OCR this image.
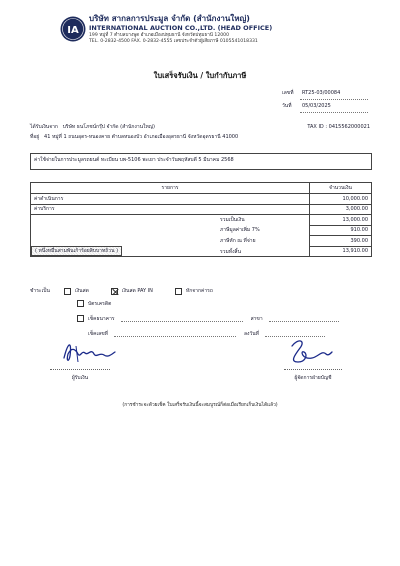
IA
บริษัท สากลการประมูล จำกัด (สำนักงานใหญ่)
INTERNATIONAL AUCTION CO.,LTD. (HEAD OFFICE)
199 หมู่ที่ 7 ตำบลบางพูด อำเภอเมืองปทุมธานี จังหวัดปทุมธานี 12000
TEL. 0-2832-4500 FAX. 0-2832-4555 เลขประจำตัวผู้เสียภาษี 0105541018331
ใบเสร็จรับเงิน / ใบกำกับภาษี
เลขที่	RT25-03/00084
วันที่	05/03/2025
ได้รับเงินจาก บริษัท ธนโภชน์กรุ๊ป จำกัด (สำนักงานใหญ่)	TAX ID : 0415562000021
ที่อยู่ 41 หมู่ที่ 1 ถนนอุดร-หนองคาย ตำบลหนองบัว อำเภอเมืองอุดรธานี จังหวัดอุดรธานี 41000
ค่าใช้จ่ายในการประมูลรถยนต์ ทะเบียน บพ-5106 พะเยา ประจำวันพฤหัสบดี 5 มีนาคม 2568
รายการ	จำนวนเงิน
ค่าดำเนินการ	10,000.00
ค่าบริการ	3,000.00

รวมเป็นเงิน	13,000.00

ภาษีมูลค่าเพิ่ม 7%	910.00

ภาษีหัก ณ ที่จ่าย	390.00
( หนึ่งหมื่นสามพันเก้าร้อยสิบบาทถ้วน ) รวมทั้งสิ้น	13,910.00
ชำระเป็น	เงินสด	เงินสด PAY IN	หักจากค่ารถ
บัตรเครดิต
เช็คธนาคาร	สาขา
เช็คเลขที่	ลงวันที่
ผู้รับเงิน	ผู้จัดการฝ่ายบัญชี
(การชำระจะด้วยเช็ค ใบเสร็จรับเงินนี้จะสมบูรณ์ก็ต่อเมื่อเรียกเก็บเงินได้แล้ว)
